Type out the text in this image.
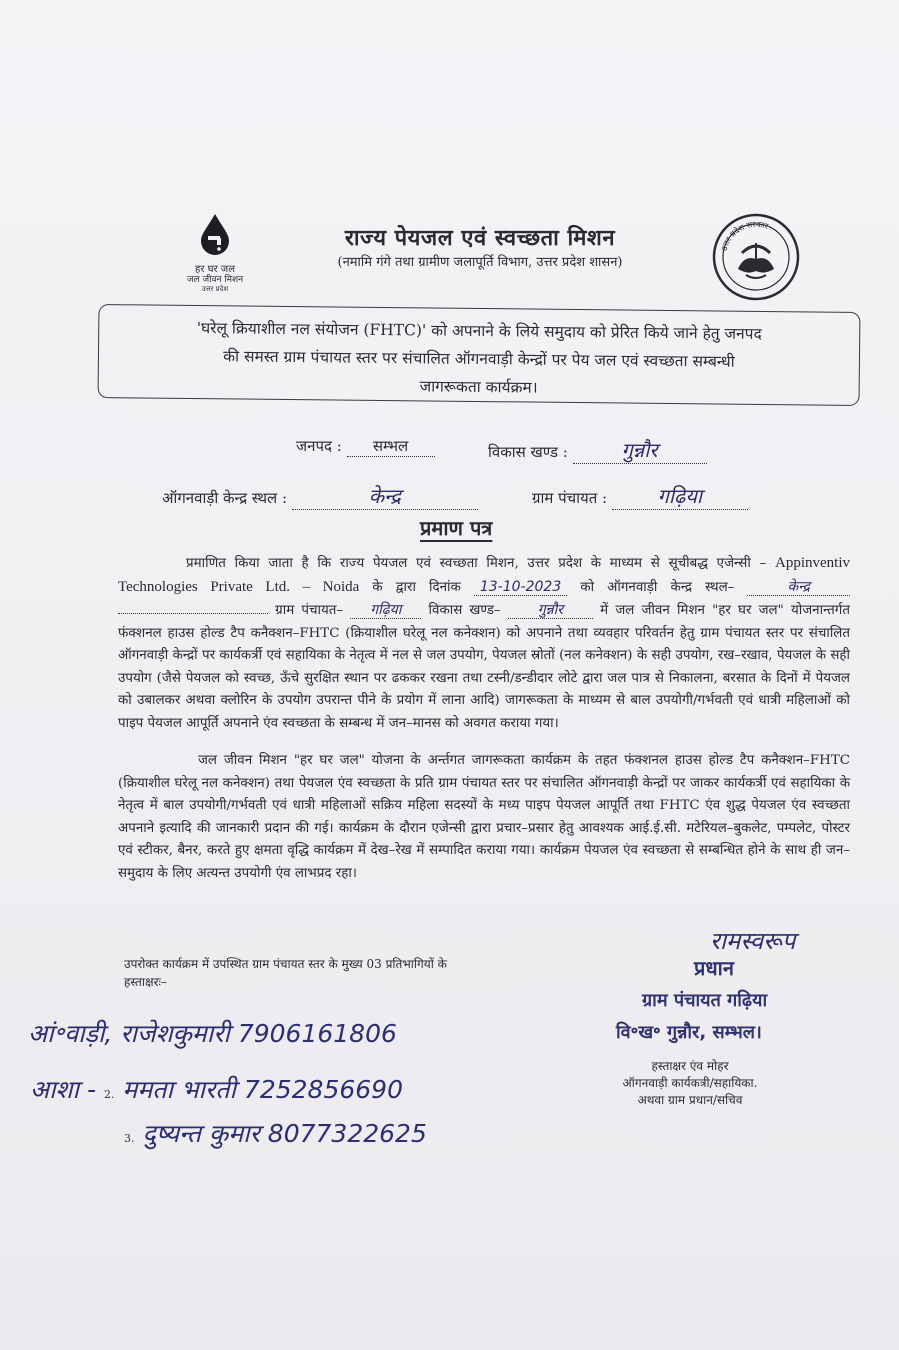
हर घर जल
जल जीवन मिशन
उत्तर प्रदेश
राज्य पेयजल एवं स्वच्छता मिशन
(नमामि गंगे तथा ग्रामीण जलापूर्ति विभाग, उत्तर प्रदेश शासन)
उत्तर प्रदेश सरकार
'घरेलू क्रियाशील नल संयोजन (FHTC)' को अपनाने के लिये समुदाय को प्रेरित किये जाने हेतु जनपद
की समस्त ग्राम पंचायत स्तर पर संचालित ऑगनवाड़ी केन्द्रों पर पेय जल एवं स्वच्छता सम्बन्धी
जागरूकता कार्यक्रम।
जनपद : सम्भल	विकास खण्ड :	गुन्नौर
ऑगनवाड़ी केन्द्र स्थल :	केन्द्र	ग्राम पंचायत :	गढ़िया
प्रमाण पत्र
प्रमाणित किया जाता है कि राज्य पेयजल एवं स्वच्छता मिशन, उत्तर प्रदेश के माध्यम से सूचीबद्ध एजेन्सी – Appinventiv Technologies Private Ltd. – Noida के द्वारा दिनांक 13-10-2023 को ऑगनवाड़ी केन्द्र स्थल–	केन्द्र  ग्राम पंचायत– गढ़िया विकास खण्ड–	गुन्नौर	में जल जीवन मिशन "हर घर जल" योजनान्तर्गत फंक्शनल हाउस होल्ड टैप कनैक्शन–FHTC (क्रियाशील घरेलू नल कनेक्शन) को अपनाने तथा व्यवहार परिवर्तन हेतु ग्राम पंचायत स्तर पर संचालित ऑगनवाड़ी केन्द्रों पर कार्यकर्त्री एवं सहायिका के नेतृत्व में नल से जल उपयोग, पेयजल स्रोतों (नल कनेक्शन) के सही उपयोग, रख–रखाव, पेयजल के सही उपयोग (जैसे पेयजल को स्वच्छ, ऊँचे सुरक्षित स्थान पर ढककर रखना तथा टस्नी/डन्डीदार लोटे द्वारा जल पात्र से निकालना, बरसात के दिनों में पेयजल को उबालकर अथवा क्लोरिन के उपयोग उपरान्त पीने के प्रयोग में लाना आदि) जागरूकता के माध्यम से बाल उपयोगी/गर्भवती एवं धात्री महिलाओं को पाइप पेयजल आपूर्ति अपनाने एंव स्वच्छता के सम्बन्ध में जन–मानस को अवगत कराया गया।
जल जीवन मिशन "हर घर जल" योजना के अर्न्तगत जागरूकता कार्यक्रम के तहत फंक्शनल हाउस होल्ड टैप कनैक्शन–FHTC (क्रियाशील घरेलू नल कनेक्शन) तथा पेयजल एंव स्वच्छता के प्रति ग्राम पंचायत स्तर पर संचालित ऑगनवाड़ी केन्द्रों पर जाकर कार्यकर्त्री एवं सहायिका के नेतृत्व में बाल उपयोगी/गर्भवती एवं धात्री महिलाओं सक्रिय महिला सदस्यों के मध्य पाइप पेयजल आपूर्ति तथा FHTC एंव शुद्ध पेयजल एंव स्वच्छता अपनाने इत्यादि की जानकारी प्रदान की गई। कार्यक्रम के दौरान एजेन्सी द्वारा प्रचार–प्रसार हेतु आवश्यक आई.ई.सी. मटेरियल–बुकलेट, पम्पलेट, पोस्टर एवं स्टीकर, बैनर, करते हुए क्षमता वृद्धि कार्यक्रम में देख–रेख में सम्पादित कराया गया। कार्यक्रम पेयजल एंव स्वच्छता से सम्बन्धित होने के साथ ही जन–समुदाय के लिए अत्यन्त उपयोगी एंव लाभप्रद रहा।
उपरोक्त कार्यक्रम में उपस्थित ग्राम पंचायत स्तर के मुख्य 03 प्रतिभागियों के
हस्ताक्षरः–
आं॰वाड़ी, राजेशकुमारी 7906161806
आशा - 2. ममता भारती 7252856690
3. दुष्यन्त कुमार 8077322625
रामस्वरूप
प्रधान
ग्राम पंचायत गढ़िया
वि॰ख॰ गुन्नौर, सम्भल।
हस्ताक्षर एंव मोहर
ऑगनवाड़ी कार्यकत्री/सहायिका.
अथवा ग्राम प्रधान/सचिव
